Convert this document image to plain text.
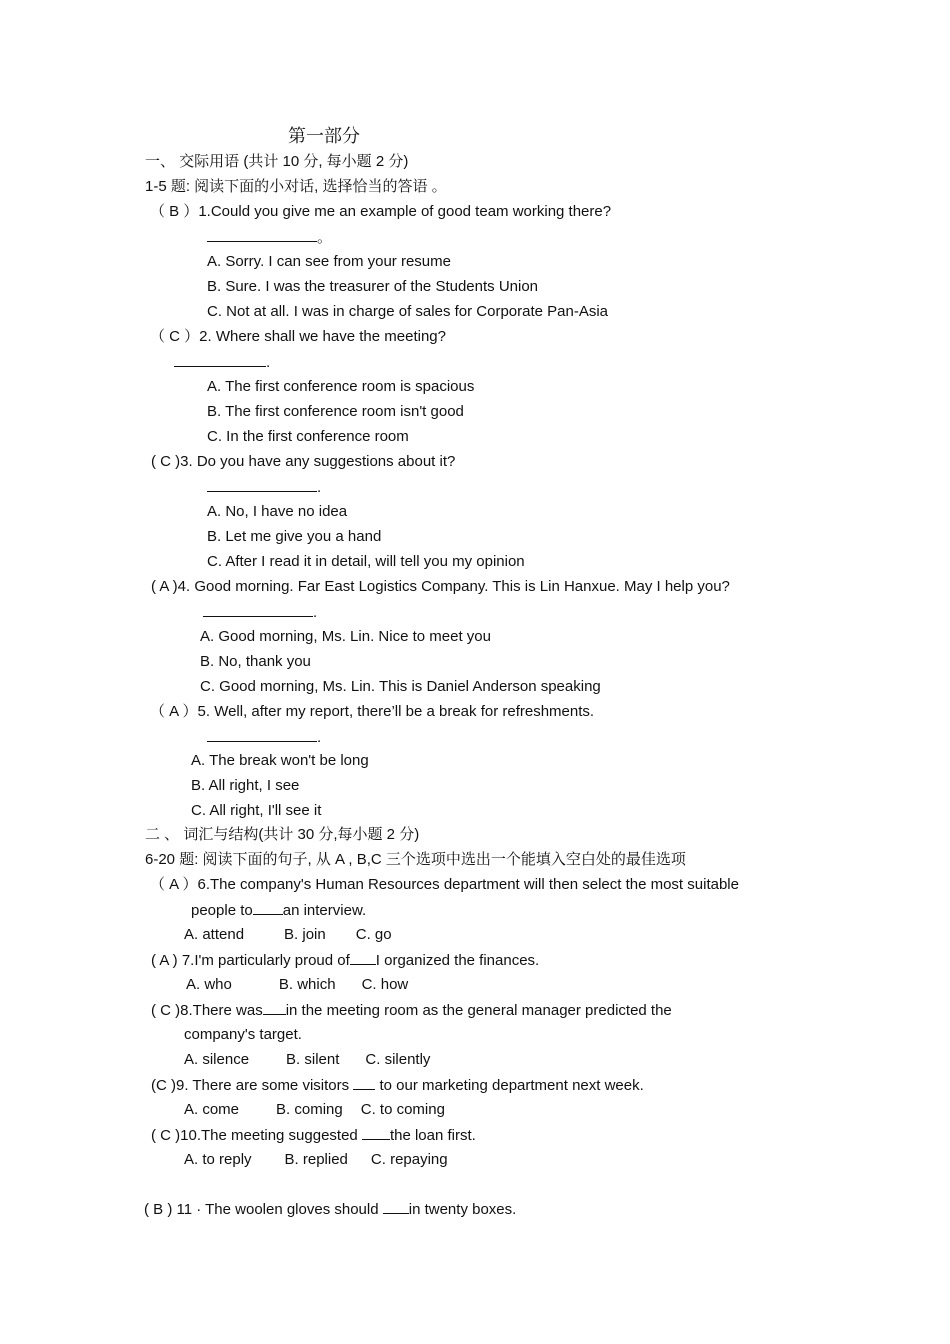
第一部分
一、 交际用语 (共计 10 分, 每小题 2 分)
1-5 题: 阅读下面的小对话, 选择恰当的答语 。
（ B ）1.Could you give me an example of good team working there?
。
A. Sorry. I can see from your resume
B. Sure. I was the treasurer of the Students Union
C. Not at all. I was in charge of sales for Corporate Pan-Asia
（ C ）2. Where shall we have the meeting?
.
A. The first conference room is spacious
B. The first conference room isn't good
C. In the first conference room
( C )3. Do you have any suggestions about it?
.
A. No, I have no idea
B. Let me give you a hand
C. After I read it in detail, will tell you my opinion
( A )4. Good morning. Far East Logistics Company. This is Lin Hanxue. May I help you?
.
A. Good morning, Ms. Lin. Nice to meet you
B. No, thank you
C. Good morning, Ms. Lin. This is Daniel Anderson speaking
（ A ）5. Well, after my report, there’ll be a break for refreshments.
.
A. The break won't be long
B. All right, I see
C. All right, I'll see it
二 、 词汇与结构(共计 30 分,每小题 2 分)
6-20 题: 阅读下面的句子, 从 A , B,C 三个选项中选出一个能填入空白处的最佳选项
（ A ）6.The company's Human Resources department will then select the most suitable
people to an interview.
A. attend	B. join C. go
( A ) 7.I'm particularly proud of I organized the finances.
A. who	B. which C. how
( C )8.There was in the meeting room as the general manager predicted the
company's target.
A. silence B. silent C. silently
(C )9. There are some visitors to our marketing department next week.
A. come B. coming C. to coming
( C )10.The meeting suggested the loan first.
A. to reply B. replied C. repaying
( B ) 11 · The woolen gloves should in twenty boxes.
